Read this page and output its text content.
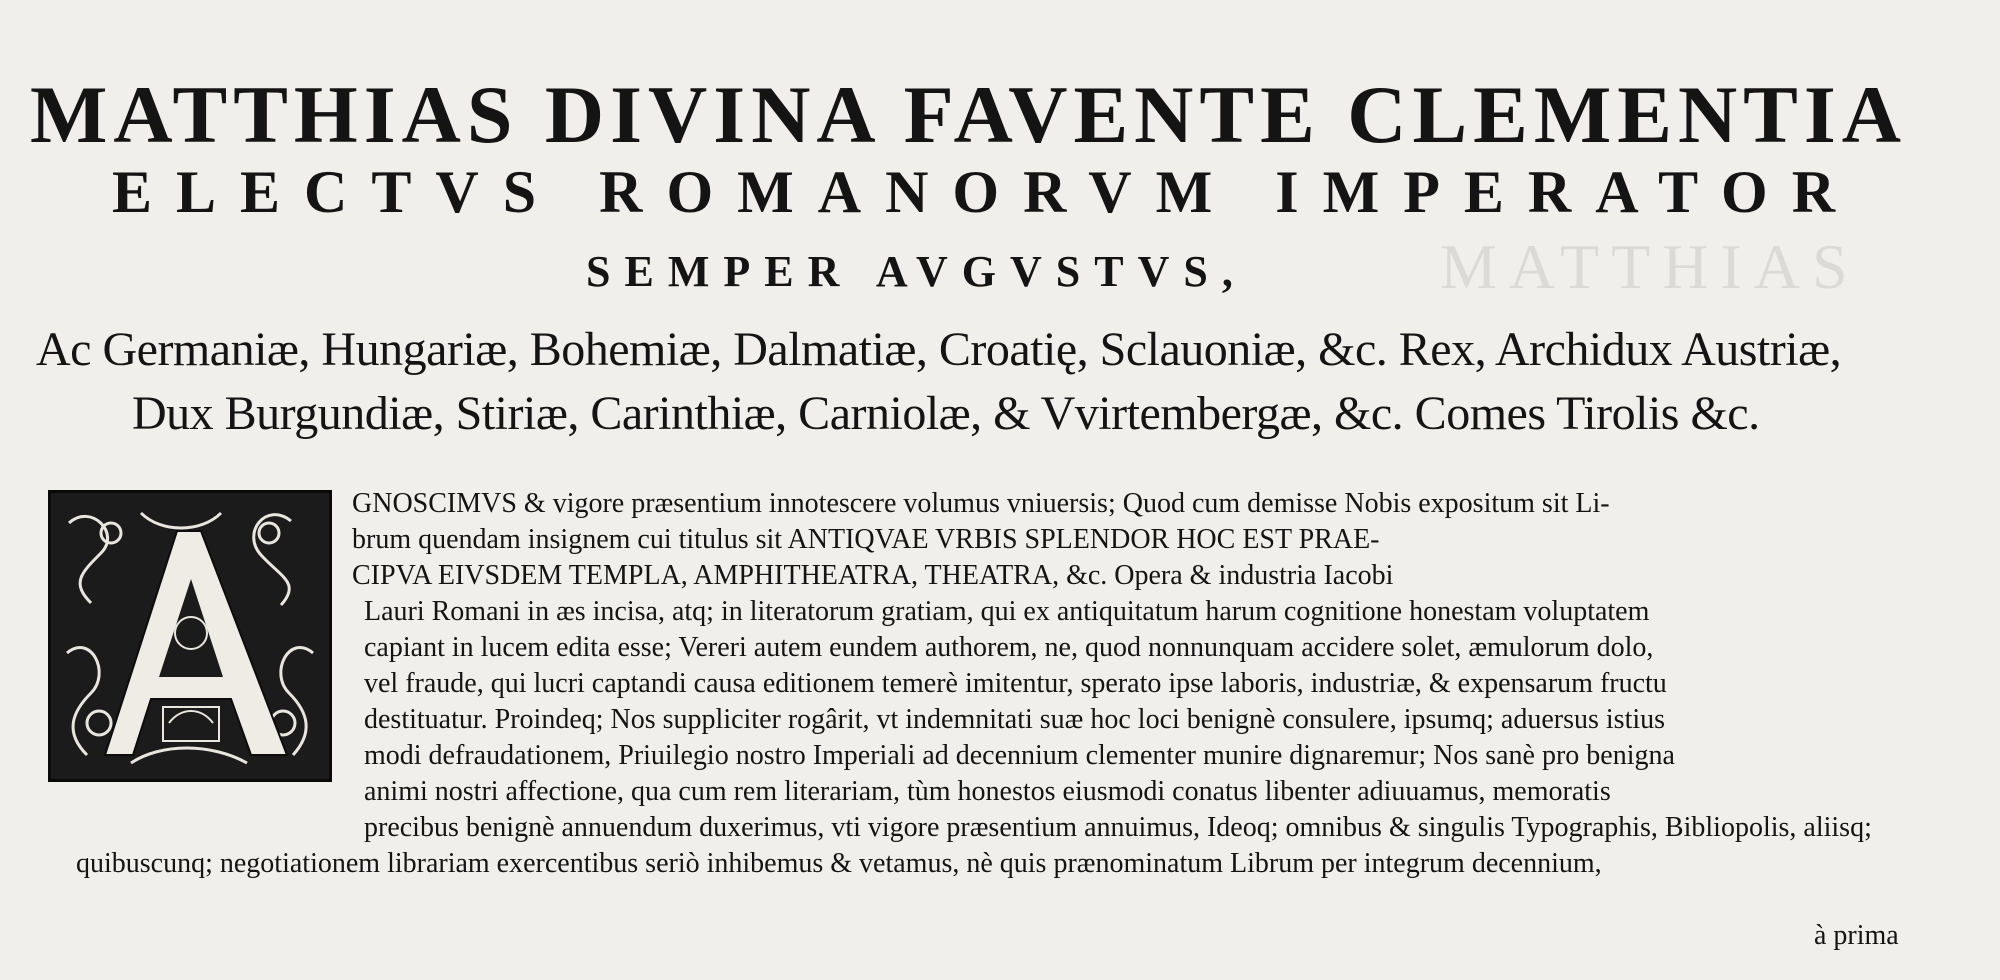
MATTHIAS
MATTHIAS DIVINA FAVENTE CLEMENTIA
ELECTVS ROMANORVM IMPERATOR
SEMPER AVGVSTVS,
Ac Germaniæ, Hungariæ, Bohemiæ, Dalmatiæ, Croatię, Sclauoniæ, &c. Rex, Archidux Austriæ,
Dux Burgundiæ, Stiriæ, Carinthiæ, Carniolæ, & Vvirtembergæ, &c. Comes Tirolis &c.
GNOSCIMVS & vigore præsentium innotescere volumus vniuersis; Quod cum demisse Nobis expositum sit Li-
brum quendam insignem cui titulus sit ANTIQVAE VRBIS SPLENDOR HOC EST PRAE-
CIPVA EIVSDEM TEMPLA, AMPHITHEATRA, THEATRA, &c. Opera & industria Iacobi
Lauri Romani in æs incisa, atq; in literatorum gratiam, qui ex antiquitatum harum cognitione honestam voluptatem
capiant in lucem edita esse; Vereri autem eundem authorem, ne, quod nonnunquam accidere solet, æmulorum dolo,
vel fraude, qui lucri captandi causa editionem temerè imitentur, sperato ipse laboris, industriæ, & expensarum fructu
destituatur. Proindeq; Nos suppliciter rogârit, vt indemnitati suæ hoc loci benignè consulere, ipsumq; aduersus istius
modi defraudationem, Priuilegio nostro Imperiali ad decennium clementer munire dignaremur; Nos sanè pro benigna
animi nostri affectione, qua cum rem literariam, tùm honestos eiusmodi conatus libenter adiuuamus, memoratis
precibus benignè annuendum duxerimus, vti vigore præsentium annuimus, Ideoq; omnibus & singulis Typographis, Bibliopolis, aliisq;
quibuscunq; negotiationem librariam exercentibus seriò inhibemus & vetamus, nè quis prænominatum Librum per integrum decennium,
à prima
